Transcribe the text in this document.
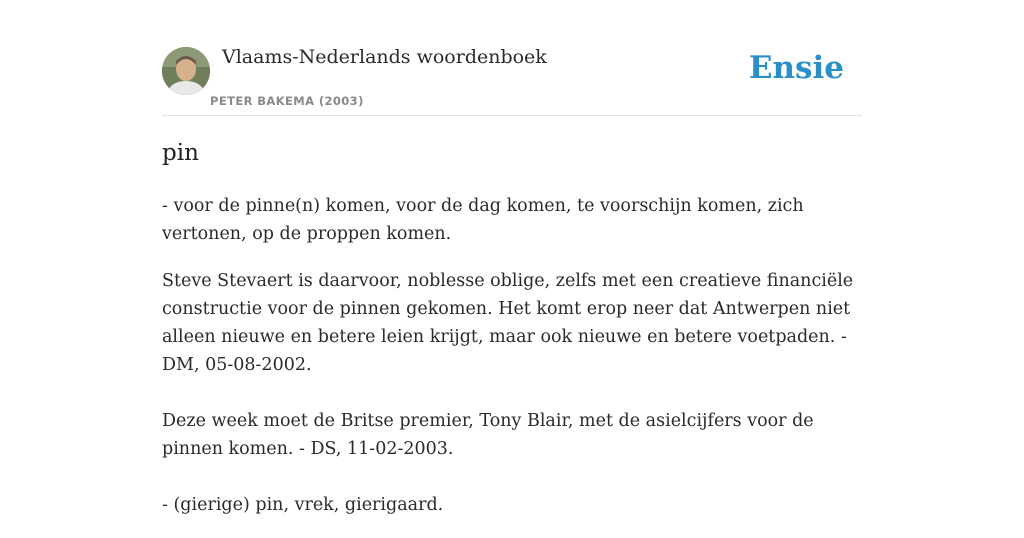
Vlaams-Nederlands woordenboek
PETER BAKEMA (2003)
Ensie
pin

- voor de pinne(n) komen, voor de dag komen, te voorschijn komen, zich vertonen, op de proppen komen.

Steve Stevaert is daarvoor, noblesse oblige, zelfs met een creatieve financiële constructie voor de pinnen gekomen. Het komt erop neer dat Antwerpen niet alleen nieuwe en betere leien krijgt, maar ook nieuwe en betere voetpaden. - DM, 05-08-2002.

Deze week moet de Britse premier, Tony Blair, met de asielcijfers voor de pinnen komen. - DS, 11-02-2003.

- (gierige) pin, vrek, gierigaard.
